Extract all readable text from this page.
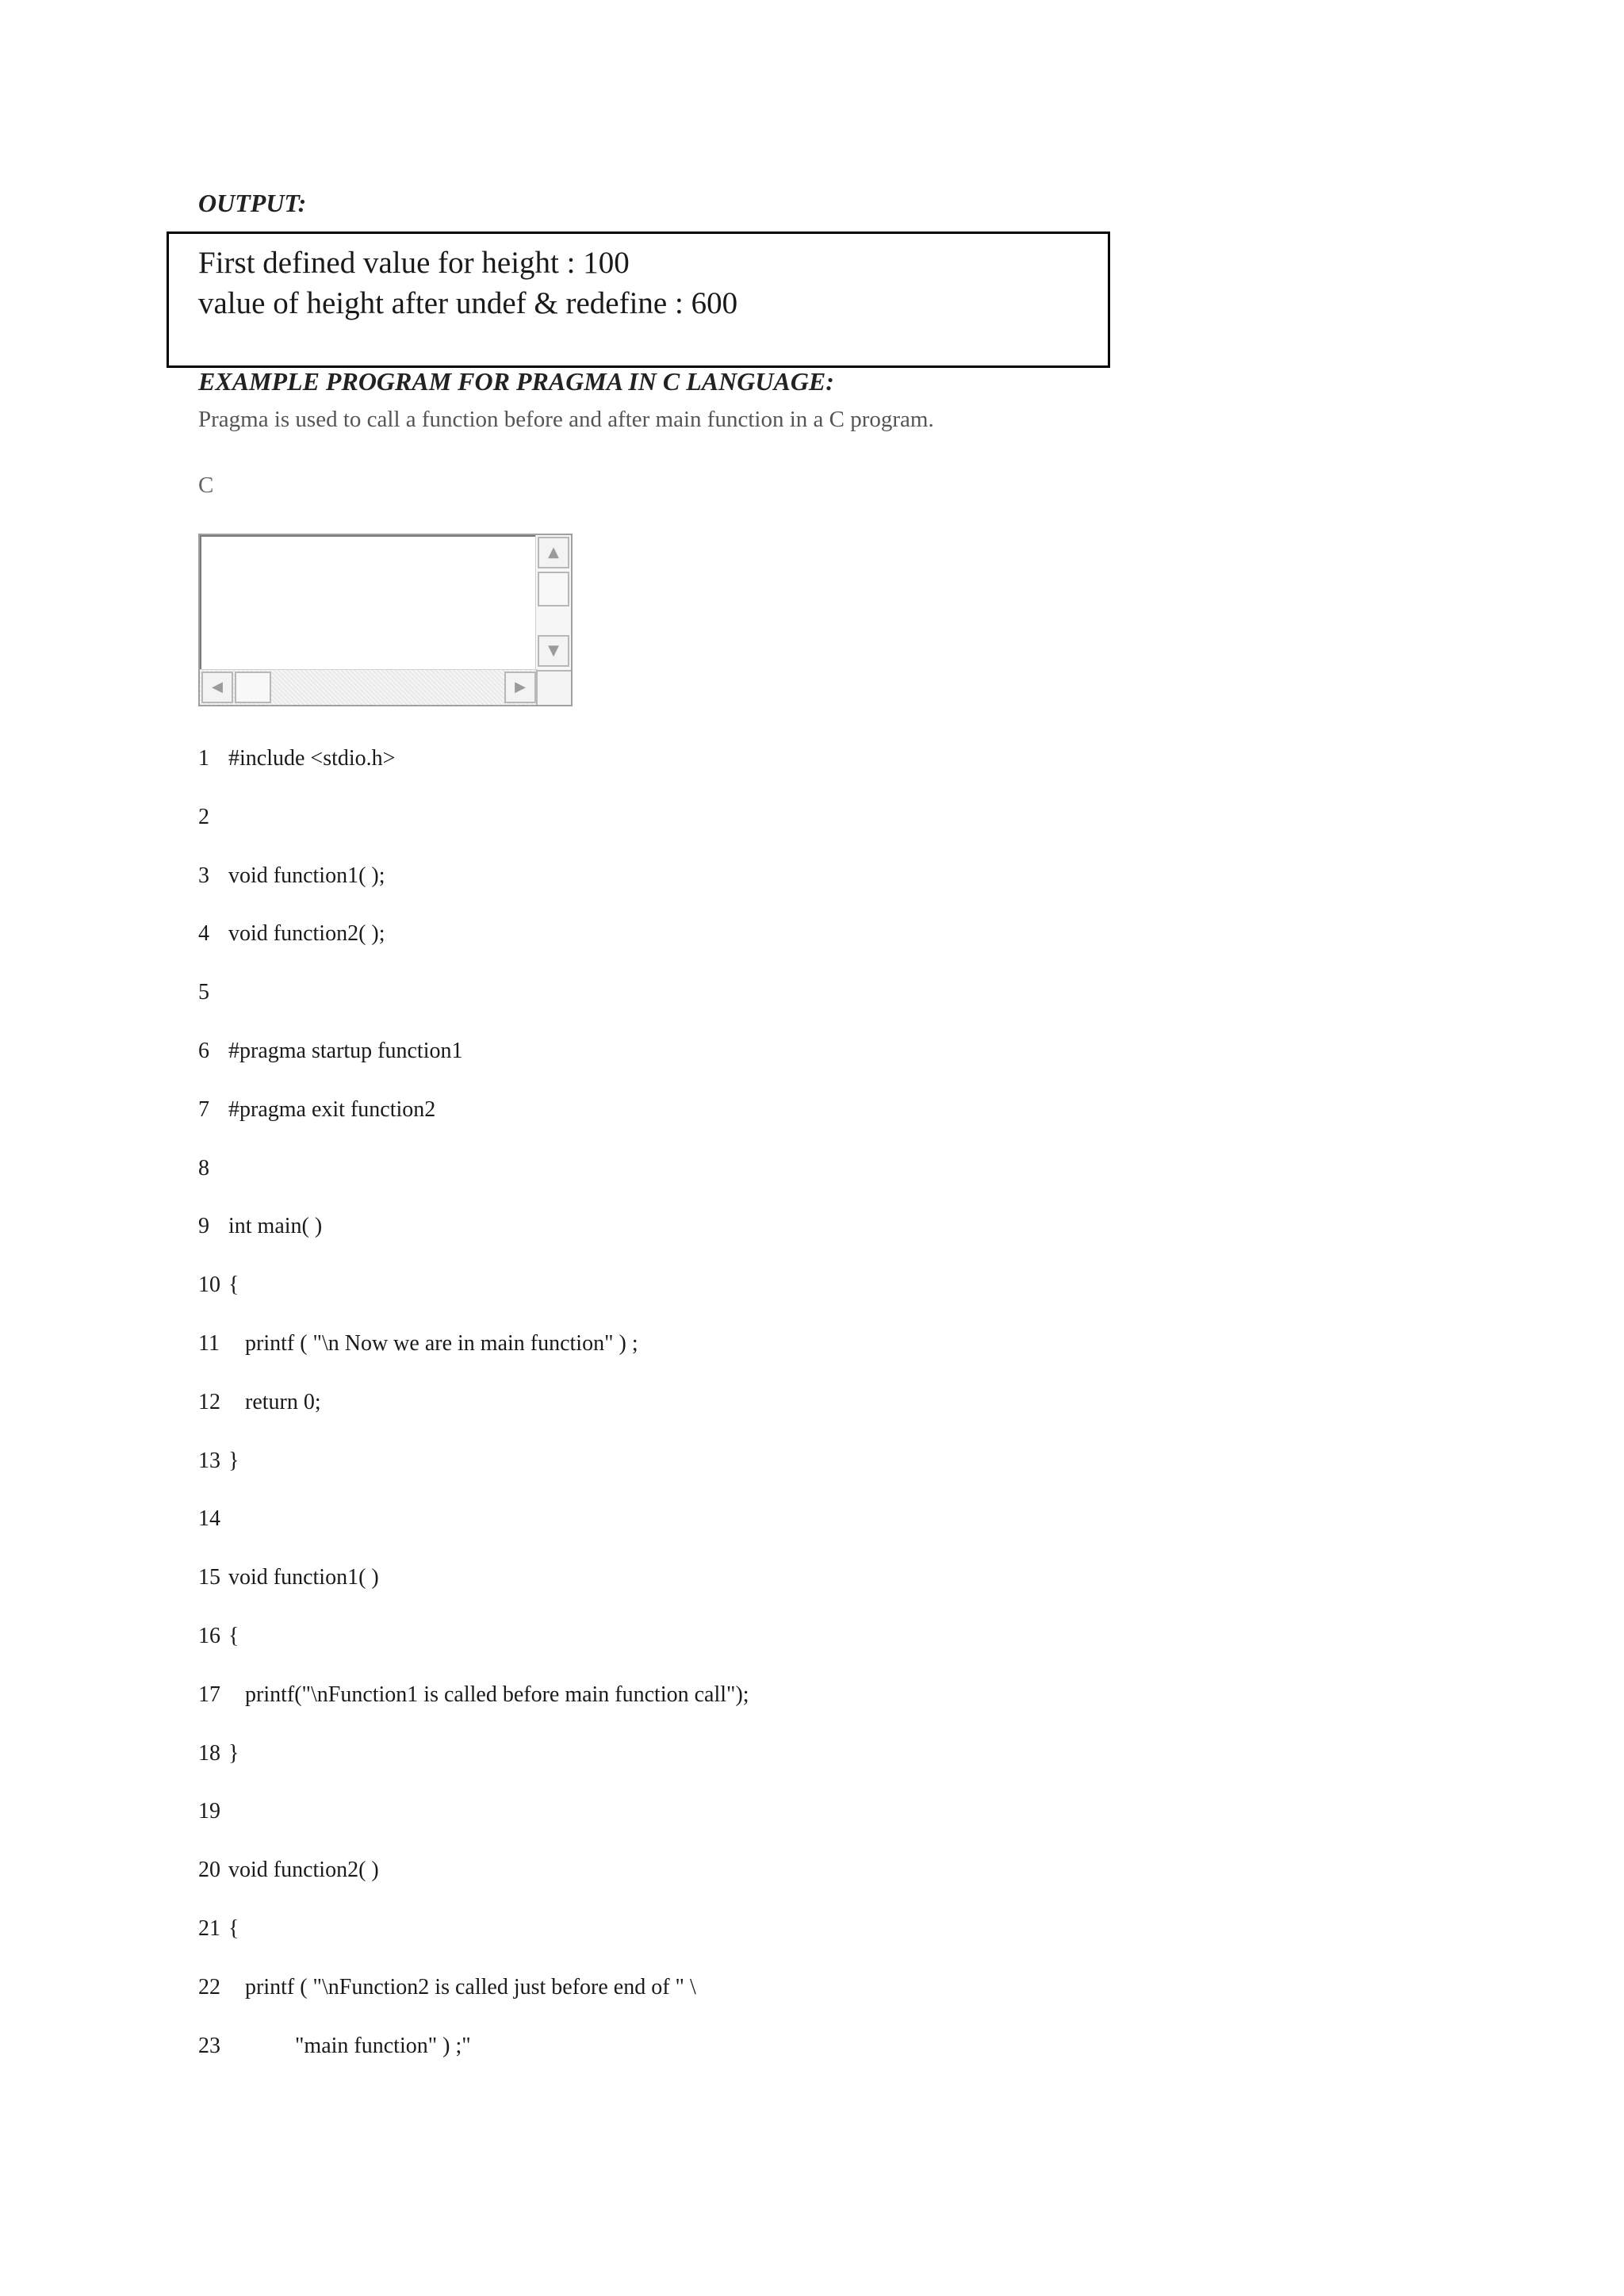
OUTPUT:
First defined value for height : 100
value of height after undef & redefine : 600
EXAMPLE PROGRAM FOR PRAGMA IN C LANGUAGE:
Pragma is used to call a function before and after main function in a C program.
C
▲
▼
◀	▶
1 #include <stdio.h>
2
3 void function1( );
4 void function2( );
5
6 #pragma startup function1
7 #pragma exit function2
8
9 int main( )
10 {
11   printf ( "\n Now we are in main function" ) ;
12   return 0;
13 }
14
15 void function1( )
16 {
17   printf("\nFunction1 is called before main function call");
18 }
19
20 void function2( )
21 {
22   printf ( "\nFunction2 is called just before end of " \
23            "main function" ) ;"
